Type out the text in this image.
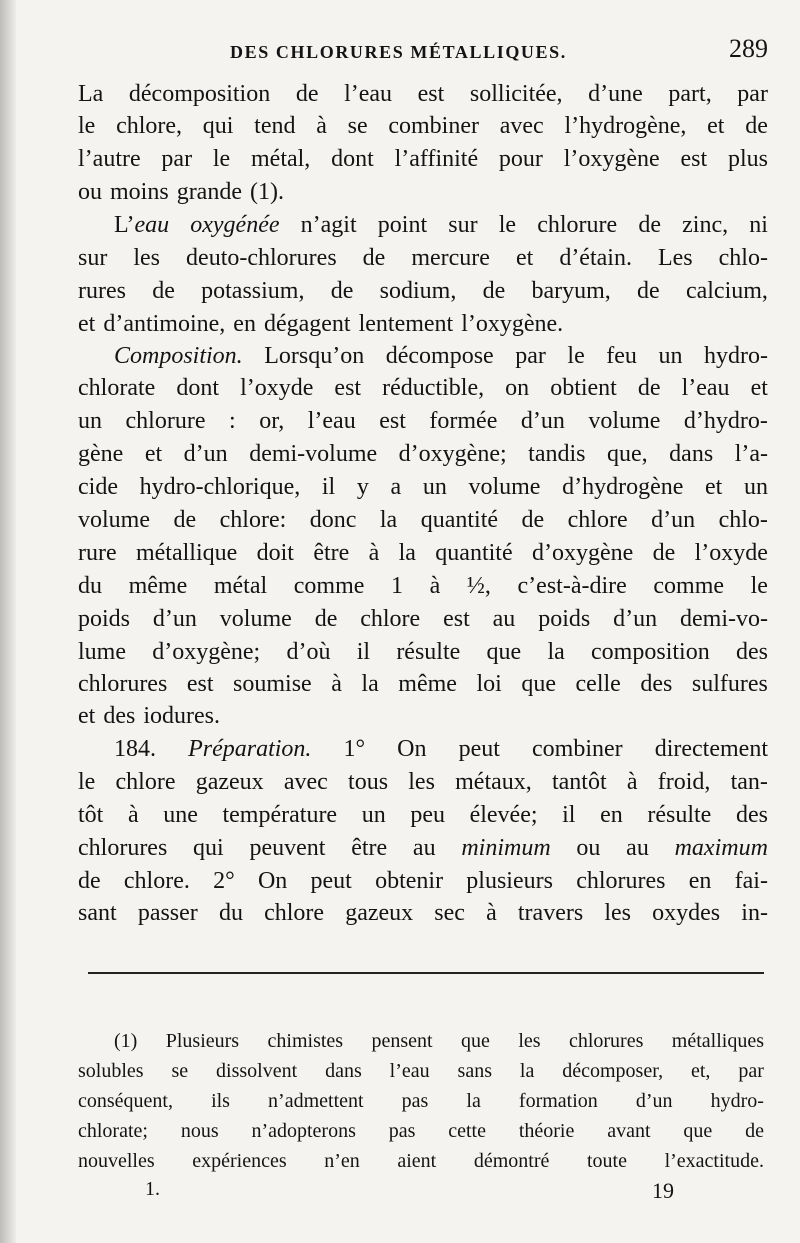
DES CHLORURES MÉTALLIQUES.	289
La décomposition de l’eau est sollicitée, d’une part, par
le chlore, qui tend à se combiner avec l’hydrogène, et de
l’autre par le métal, dont l’affinité pour l’oxygène est plus
ou moins grande (1).
L’eau oxygénée n’agit point sur le chlorure de zinc, ni
sur les deuto-chlorures de mercure et d’étain. Les chlo-
rures de potassium, de sodium, de baryum, de calcium,
et d’antimoine, en dégagent lentement l’oxygène.
Composition. Lorsqu’on décompose par le feu un hydro-
chlorate dont l’oxyde est réductible, on obtient de l’eau et
un chlorure : or, l’eau est formée d’un volume d’hydro-
gène et d’un demi-volume d’oxygène; tandis que, dans l’a-
cide hydro-chlorique, il y a un volume d’hydrogène et un
volume de chlore: donc la quantité de chlore d’un chlo-
rure métallique doit être à la quantité d’oxygène de l’oxyde
du même métal comme 1 à ½, c’est-à-dire comme le
poids d’un volume de chlore est au poids d’un demi-vo-
lume d’oxygène; d’où il résulte que la composition des
chlorures est soumise à la même loi que celle des sulfures
et des iodures.
184. Préparation. 1° On peut combiner directement
le chlore gazeux avec tous les métaux, tantôt à froid, tan-
tôt à une température un peu élevée; il en résulte des
chlorures qui peuvent être au minimum ou au maximum
de chlore. 2° On peut obtenir plusieurs chlorures en fai-
sant passer du chlore gazeux sec à travers les oxydes in-
(1) Plusieurs chimistes pensent que les chlorures métalliques
solubles se dissolvent dans l’eau sans la décomposer, et, par
conséquent, ils n’admettent pas la formation d’un hydro-
chlorate; nous n’adopterons pas cette théorie avant que de
nouvelles expériences n’en aient démontré toute l’exactitude.
1.	19
